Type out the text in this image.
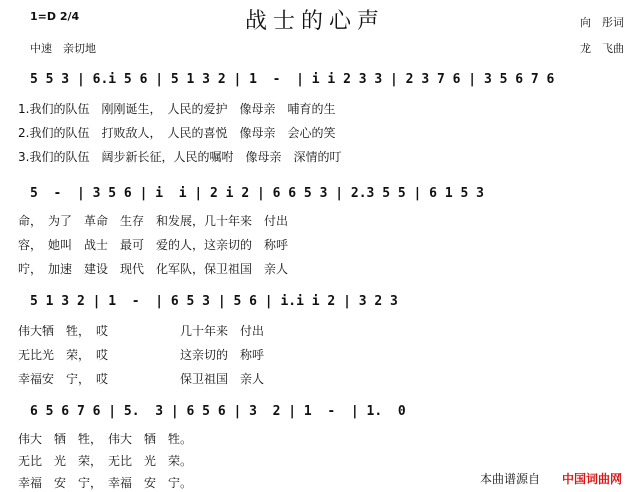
战士的心声
1=D 2/4
中速　亲切地
向　彤词
龙　飞曲
5 5 3 | 6.i 5 6 | 5 1 3 2 | 1  -  | i i 2 3 3 | 2 3 7 6 | 3 5 6 7 6
1.我们的队伍　刚刚诞生，　人民的爱护　像母亲　哺育的生
2.我们的队伍　打败敌人，　人民的喜悦　像母亲　会心的笑
3.我们的队伍　阔步新长征，人民的嘱咐　像母亲　深情的叮
5  -  | 3 5 6 | i  i | 2 i 2 | 6 6 5 3 | 2.3 5 5 | 6 1 5 3
命，　为了　革命　生存　和发展，几十年来　付出
容，　她叫　战士　最可　爱的人，这亲切的　称呼
咛，　加速　建设　现代　化军队，保卫祖国　亲人
5 1 3 2 | 1  -  | 6 5 3 | 5 6 | i.i i 2 | 3 2 3
伟大牺　牲，　哎　　　　　　几十年来　付出
无比光　荣，　哎　　　　　　这亲切的　称呼
幸福安　宁，　哎　　　　　　保卫祖国　亲人
6 5 6 7 6 | 5.  3 | 6 5 6 | 3  2 | 1  -  | 1.  0
伟大　牺　牲，　伟大　牺　牲。
无比　光　荣，　无比　光　荣。
幸福　安　宁，　幸福　安　宁。	本曲谱源自 中国词曲网
